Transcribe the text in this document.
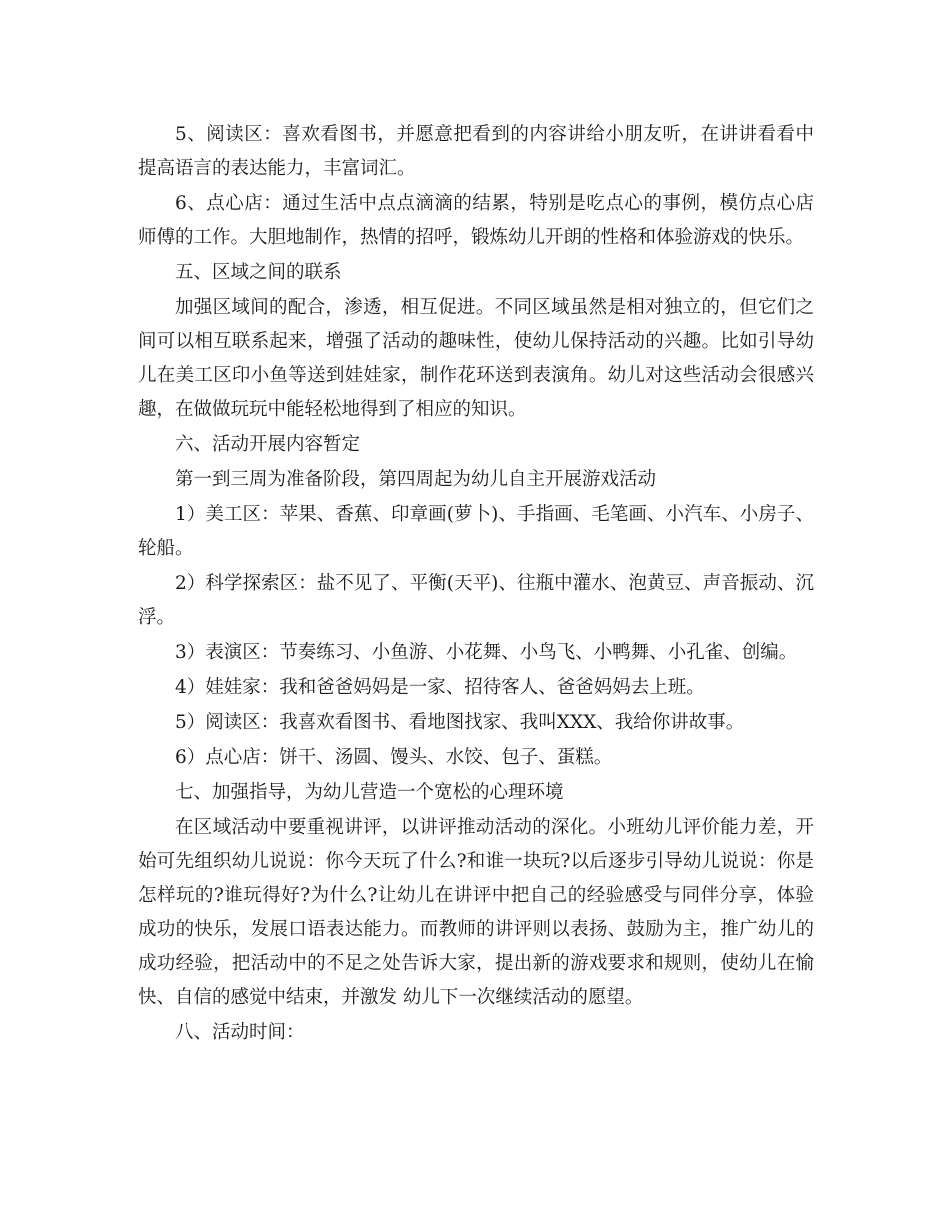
5、阅读区：喜欢看图书，并愿意把看到的内容讲给小朋友听，在讲讲看看中提高语言的表达能力，丰富词汇。

6、点心店：通过生活中点点滴滴的结累，特别是吃点心的事例，模仿点心店师傅的工作。大胆地制作，热情的招呼，锻炼幼儿开朗的性格和体验游戏的快乐。

五、区域之间的联系

加强区域间的配合，渗透，相互促进。不同区域虽然是相对独立的，但它们之间可以相互联系起来，增强了活动的趣味性，使幼儿保持活动的兴趣。比如引导幼儿在美工区印小鱼等送到娃娃家，制作花环送到表演角。幼儿对这些活动会很感兴趣，在做做玩玩中能轻松地得到了相应的知识。

六、活动开展内容暂定

第一到三周为准备阶段，第四周起为幼儿自主开展游戏活动

1）美工区：苹果、香蕉、印章画(萝卜)、手指画、毛笔画、小汽车、小房子、轮船。

2）科学探索区：盐不见了、平衡(天平)、往瓶中灌水、泡黄豆、声音振动、沉浮。

3）表演区：节奏练习、小鱼游、小花舞、小鸟飞、小鸭舞、小孔雀、创编。

4）娃娃家：我和爸爸妈妈是一家、招待客人、爸爸妈妈去上班。

5）阅读区：我喜欢看图书、看地图找家、我叫XXX、我给你讲故事。

6）点心店：饼干、汤圆、馒头、水饺、包子、蛋糕。

七、加强指导，为幼儿营造一个宽松的心理环境

在区域活动中要重视讲评，以讲评推动活动的深化。小班幼儿评价能力差，开始可先组织幼儿说说：你今天玩了什么?和谁一块玩?以后逐步引导幼儿说说：你是怎样玩的?谁玩得好?为什么?让幼儿在讲评中把自己的经验感受与同伴分享，体验成功的快乐，发展口语表达能力。而教师的讲评则以表扬、鼓励为主，推广幼儿的成功经验，把活动中的不足之处告诉大家，提出新的游戏要求和规则，使幼儿在愉快、自信的感觉中结束，并激发 幼儿下一次继续活动的愿望。

八、活动时间：
